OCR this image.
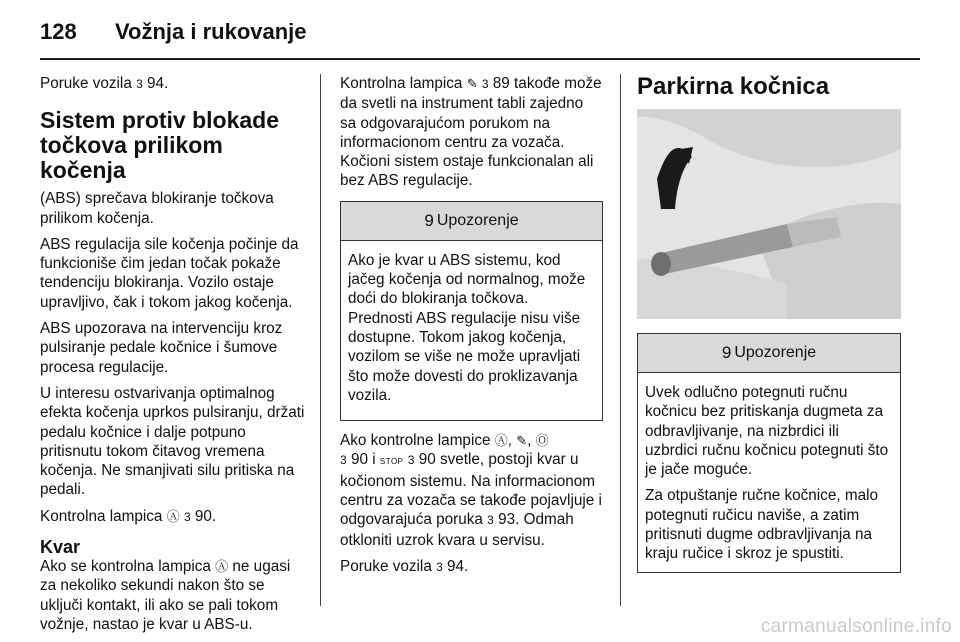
128 Vožnja i rukovanje

Poruke vozila 3 94.

Sistem protiv blokade točkova prilikom kočenja

(ABS) sprečava blokiranje točkova prilikom kočenja.

ABS regulacija sile kočenja počinje da funkcioniše čim jedan točak pokaže tendenciju blokiranja. Vozilo ostaje upravljivo, čak i tokom jakog kočenja.

ABS upozorava na intervenciju kroz pulsiranje pedale kočnice i šumove procesa regulacije.

U interesu ostvarivanja optimalnog efekta kočenja uprkos pulsiranju, držati pedalu kočnice i dalje potpuno pritisnutu tokom čitavog vremena kočenja. Ne smanjivati silu pritiska na pedali.

Kontrolna lampica Ⓐ 3 90.

Kvar

Ako se kontrolna lampica Ⓐ ne ugasi za nekoliko sekundi nakon što se uključi kontakt, ili ako se pali tokom vožnje, nastao je kvar u ABS-u.

Kontrolna lampica ✎ 3 89 takođe može da svetli na instrument tabli zajedno sa odgovarajućom porukom na informacionom centru za vozača. Kočioni sistem ostaje funkcionalan ali bez ABS regulacije.

9 Upozorenje

Ako je kvar u ABS sistemu, kod jačeg kočenja od normalnog, može doći do blokiranja točkova. Prednosti ABS regulacije nisu više dostupne. Tokom jakog kočenja, vozilom se više ne može upravljati što može dovesti do proklizavanja vozila.

Ako kontrolne lampice Ⓐ, ✎, Ⓞ
3 90 i STOP 3 90 svetle, postoji kvar u kočionom sistemu. Na informacionom centru za vozača se takođe pojavljuje i odgovarajuća poruka 3 93. Odmah otkloniti uzrok kvara u servisu.

Poruke vozila 3 94.

Parkirna kočnica
9 Upozorenje

Uvek odlučno potegnuti ručnu kočnicu bez pritiskanja dugmeta za odbravljivanje, na nizbrdici ili uzbrdici ručnu kočnicu potegnuti što je jače moguće.

Za otpuštanje ručne kočnice, malo potegnuti ručicu naviše, a zatim pritisnuti dugme odbravljivanja na kraju ručice i skroz je spustiti.

carmanualsonline.info
